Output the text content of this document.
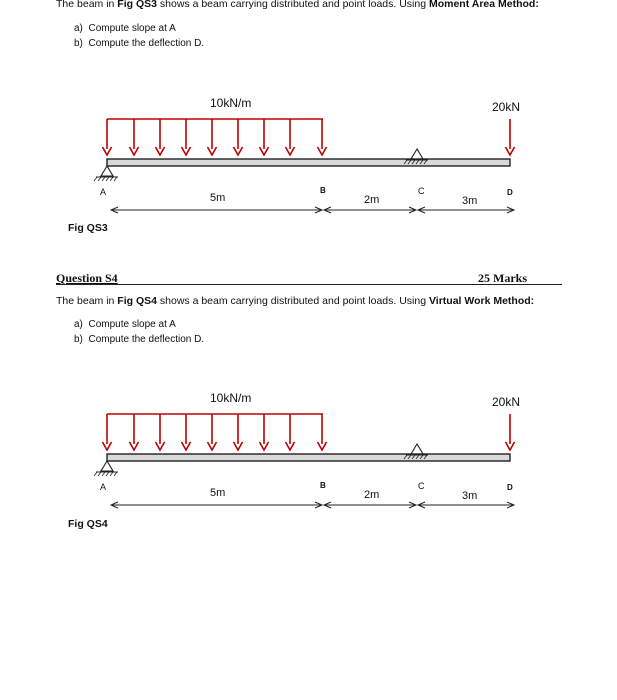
The beam in Fig QS3 shows a beam carrying distributed and point loads. Using Moment Area Method:
a) Compute slope at A
b) Compute the deflection D.
10kN/m	20kN
A	B	C	D
5m	2m	3m
Fig QS3
Question S4	25 Marks
The beam in Fig QS4 shows a beam carrying distributed and point loads. Using Virtual Work Method:
a) Compute slope at A
b) Compute the deflection D.
10kN/m	20kN
A	B	C	D
5m	2m	3m
Fig QS4
